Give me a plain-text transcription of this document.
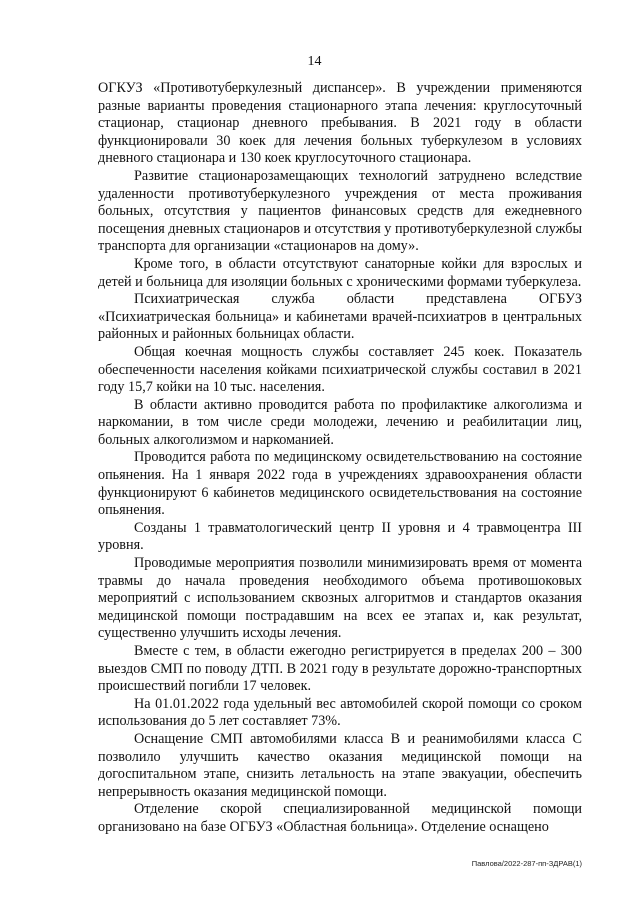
14

ОГКУЗ «Противотуберкулезный диспансер». В учреждении применяются разные варианты проведения стационарного этапа лечения: круглосуточный стационар, стационар дневного пребывания. В 2021 году в области функционировали 30 коек для лечения больных туберкулезом в условиях дневного стационара и 130 коек круглосуточного стационара.

Развитие стационарозамещающих технологий затруднено вследствие удаленности противотуберкулезного учреждения от места проживания больных, отсутствия у пациентов финансовых средств для ежедневного посещения дневных стационаров и отсутствия у противотуберкулезной службы транспорта для организации «стационаров на дому».

Кроме того, в области отсутствуют санаторные койки для взрослых и детей и больница для изоляции больных с хроническими формами туберкулеза.

Психиатрическая служба области представлена ОГБУЗ «Психиатрическая больница» и кабинетами врачей-психиатров в центральных районных и районных больницах области.

Общая коечная мощность службы составляет 245 коек. Показатель обеспеченности населения койками психиатрической службы составил в 2021 году 15,7 койки на 10 тыс. населения.

В области активно проводится работа по профилактике алкоголизма и наркомании, в том числе среди молодежи, лечению и реабилитации лиц, больных алкоголизмом и наркоманией.

Проводится работа по медицинскому освидетельствованию на состояние опьянения. На 1 января 2022 года в учреждениях здравоохранения области функционируют 6 кабинетов медицинского освидетельствования на состояние опьянения.

Созданы 1 травматологический центр II уровня и 4 травмоцентра III уровня.

Проводимые мероприятия позволили минимизировать время от момента травмы до начала проведения необходимого объема противошоковых мероприятий с использованием сквозных алгоритмов и стандартов оказания медицинской помощи пострадавшим на всех ее этапах и, как результат, существенно улучшить исходы лечения.

Вместе с тем, в области ежегодно регистрируется в пределах 200 – 300 выездов СМП по поводу ДТП. В 2021 году в результате дорожно-транспортных происшествий погибли 17 человек.

На 01.01.2022 года удельный вес автомобилей скорой помощи со сроком использования до 5 лет составляет 73%.

Оснащение СМП автомобилями класса В и реанимобилями класса С позволило улучшить качество оказания медицинской помощи на догоспитальном этапе, снизить летальность на этапе эвакуации, обеспечить непрерывность оказания медицинской помощи.

Отделение скорой специализированной медицинской помощи организовано на базе ОГБУЗ «Областная больница». Отделение оснащено

Павлова/2022-287-пп-ЗДРАВ(1)
